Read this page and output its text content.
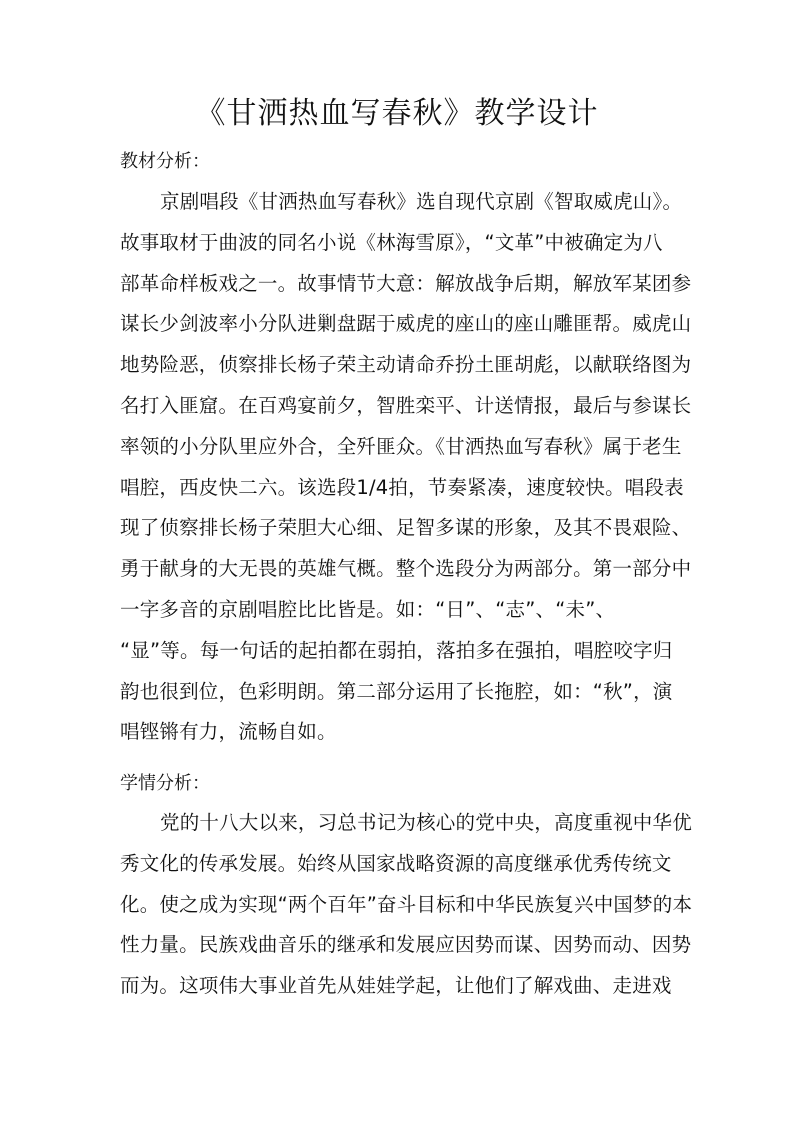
《甘洒热血写春秋》教学设计
教材分析：
京剧唱段《甘洒热血写春秋》选自现代京剧《智取威虎山》。
故事取材于曲波的同名小说《林海雪原》，“文革”中被确定为八
部革命样板戏之一。故事情节大意：解放战争后期，解放军某团参
谋长少剑波率小分队进剿盘踞于威虎的座山的座山雕匪帮。威虎山
地势险恶，侦察排长杨子荣主动请命乔扮土匪胡彪，以献联络图为
名打入匪窟。在百鸡宴前夕，智胜栾平、计送情报，最后与参谋长
率领的小分队里应外合，全歼匪众。《甘洒热血写春秋》属于老生
唱腔，西皮快二六。该选段1/4拍，节奏紧凑，速度较快。唱段表
现了侦察排长杨子荣胆大心细、足智多谋的形象，及其不畏艰险、
勇于献身的大无畏的英雄气概。整个选段分为两部分。第一部分中
一字多音的京剧唱腔比比皆是。如：“日”、“志”、“未”、
“显”等。每一句话的起拍都在弱拍，落拍多在强拍，唱腔咬字归
韵也很到位，色彩明朗。第二部分运用了长拖腔，如：“秋”，演
唱铿锵有力，流畅自如。
学情分析：
党的十八大以来，习总书记为核心的党中央，高度重视中华优
秀文化的传承发展。始终从国家战略资源的高度继承优秀传统文
化。使之成为实现“两个百年”奋斗目标和中华民族复兴中国梦的本
性力量。民族戏曲音乐的继承和发展应因势而谋、因势而动、因势
而为。这项伟大事业首先从娃娃学起，让他们了解戏曲、走进戏
